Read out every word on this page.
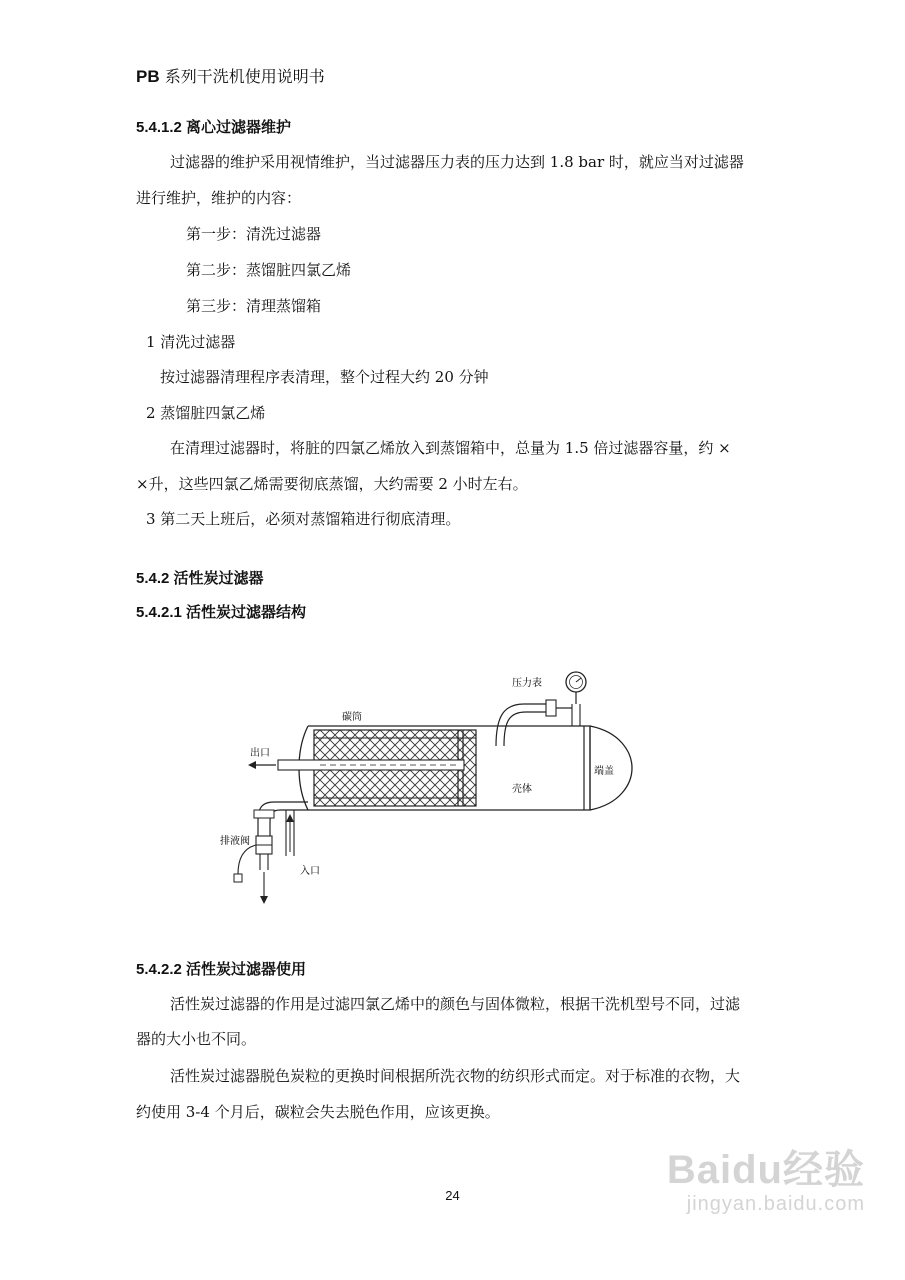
PB 系列干洗机使用说明书
5.4.1.2 离心过滤器维护
过滤器的维护采用视情维护，当过滤器压力表的压力达到 1.8 bar 时，就应当对过滤器
进行维护，维护的内容：
第一步：清洗过滤器
第二步：蒸馏脏四氯乙烯
第三步：清理蒸馏箱
1 清洗过滤器
按过滤器清理程序表清理，整个过程大约 20 分钟
2 蒸馏脏四氯乙烯
在清理过滤器时，将脏的四氯乙烯放入到蒸馏箱中，总量为 1.5 倍过滤器容量，约 ×
×升，这些四氯乙烯需要彻底蒸馏，大约需要 2 小时左右。
3 第二天上班后，必须对蒸馏箱进行彻底清理。
5.4.2 活性炭过滤器
5.4.2.1 活性炭过滤器结构
压力表
碳筒
出口
壳体
端盖
排液阀
入口
5.4.2.2 活性炭过滤器使用
活性炭过滤器的作用是过滤四氯乙烯中的颜色与固体微粒，根据干洗机型号不同，过滤
器的大小也不同。
活性炭过滤器脱色炭粒的更换时间根据所洗衣物的纺织形式而定。对于标准的衣物，大
约使用 3-4 个月后，碳粒会失去脱色作用，应该更换。
24
Baidu经验
jingyan.baidu.com
